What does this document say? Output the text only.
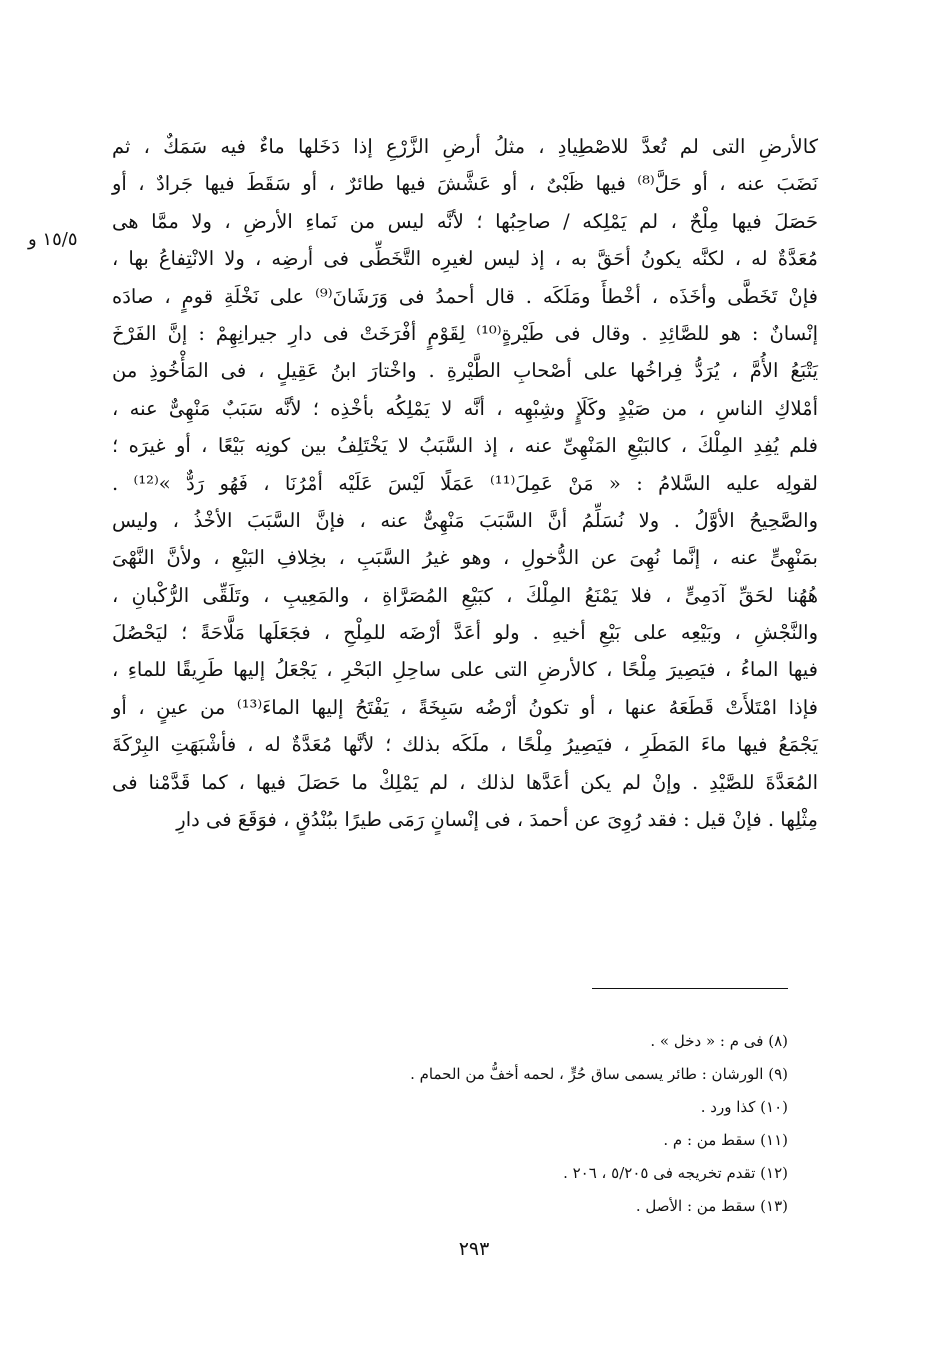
١٥/٥ و
كالأرضِ التى لم تُعدَّ للاصْطِيادِ ، مثلُ أرضِ الزَّرْعِ إذا دَخَلها ماءٌ فيه سَمَكٌ ، ثم
نَضَبَ عنه ، أو حَلَّ⁽⁸⁾ فيها ظَبْىٌ ، أو عَشَّشَ فيها طائرٌ ، أو سَقَطَ فيها جَرادٌ ، أو
حَصَلَ فيها مِلْحٌ ، لم يَمْلِكه / صاحِبُها ؛ لأنَّه ليس من نَماءِ الأرضِ ، ولا ممَّا هى
مُعَدَّةٌ له ، لكنَّه يكونُ أحَقَّ به ، إذ ليس لغيرِه التَّخَطِّى فى أرضِه ، ولا الانْتِفاعُ بها ،
فإنْ تَخَطَّى وأخَذَه ، أخْطأَ ومَلَكَه . قال أحمدُ فى وَرَشَانَ⁽⁹⁾ على نَخْلَةِ قومٍ ، صادَه
إنْسانٌ : هو للصَّائِدِ . وقال فى طَيْرةٍ⁽¹⁰⁾ لِقَوْمٍ أفْرَخَتْ فى دارِ جيرانِهِمْ : إنَّ الفَرْخَ
يَتْبَعُ الأُمَّ ، يُرَدُّ فِراخُها على أصْحابِ الطَّيْرةِ . واخْتارَ ابنُ عَقِيلٍ ، فى المَأْخُوذِ من
أمْلاكِ الناسِ ، من صَيْدٍ وكَلَإٍ وشِبْهِه ، أنَّه لا يَمْلِكُه بأخْذِه ؛ لأنَّه سَبَبٌ مَنْهِىٌّ عنه ،
فلم يُفِدِ المِلْكَ ، كالبَيْعِ المَنْهِىِّ عنه ، إذ السَّبَبُ لا يَخْتَلِفُ بين كونِه بَيْعًا ، أو غيرَه ؛
لقولِه عليه السَّلامُ : « مَنْ عَمِلَ⁽¹¹⁾ عَمَلًا لَيْسَ عَلَيْه أمْرُنَا ، فَهُو رَدٌّ »⁽¹²⁾ .
والصَّحِيحُ الأوَّلُ . ولا نُسَلِّمُ أنَّ السَّبَبَ مَنْهِىٌّ عنه ، فإنَّ السَّبَبَ الأخْذُ ، وليس
بمَنْهِىٍّ عنه ، إنَّما نُهِىَ عن الدُّخولِ ، وهو غيرُ السَّبَبِ ، بخِلافِ البَيْعِ ، ولأنَّ النَّهْىَ
هُهُنا لحَقِّ آدَمِىٍّ ، فلا يَمْنَعُ المِلْكَ ، كبَيْعِ المُصَرَّاةِ ، والمَعِيبِ ، وتَلَقِّى الرُّكْبانِ ،
والنَّجْشِ ، وبَيْعِه على بَيْعِ أخيهِ . ولو أعَدَّ أرْضَه للمِلْحِ ، فجَعَلَها مَلَّاحَةً ؛ ليَحْصُلَ
فيها الماءُ ، فيَصِيرَ مِلْحًا ، كالأرضِ التى على ساحِلِ البَحْرِ ، يَجْعَلُ إليها طَرِيقًا للماءِ ،
فإذا امْتَلأَتْ قَطَعَهُ عنها ، أو تكونُ أرْضُه سَبِخَةً ، يَفْتَحُ إليها الماءَ⁽¹³⁾ من عينٍ ، أو
يَجْمَعُ فيها ماءَ المَطَرِ ، فيَصِيرُ مِلْحًا ، ملَكَه بذلك ؛ لأنَّها مُعَدَّةٌ له ، فأشْبَهَتِ البِرْكَةَ
المُعَدَّةَ للصَّيْدِ . وإنْ لم يكن أعَدَّها لذلك ، لم يَمْلِكْ ما حَصَلَ فيها ، كما قَدَّمْنا فى
مِثْلِها . فإنْ قيل : فقد رُوِىَ عن أحمدَ ، فى إنْسانٍ رَمَى طيرًا ببُنْدُقٍ ، فوَقَعَ فى دارِ
(٨) فى م : « دخل » .
(٩) الورشان : طائر يسمى ساق حُرٍّ ، لحمه أخفُّ من الحمام .
(١٠) كذا ورد .
(١١) سقط من : م .
(١٢) تقدم تخريجه فى ٥/٢٠٥ ، ٢٠٦ .
(١٣) سقط من : الأصل .
٢٩٣
